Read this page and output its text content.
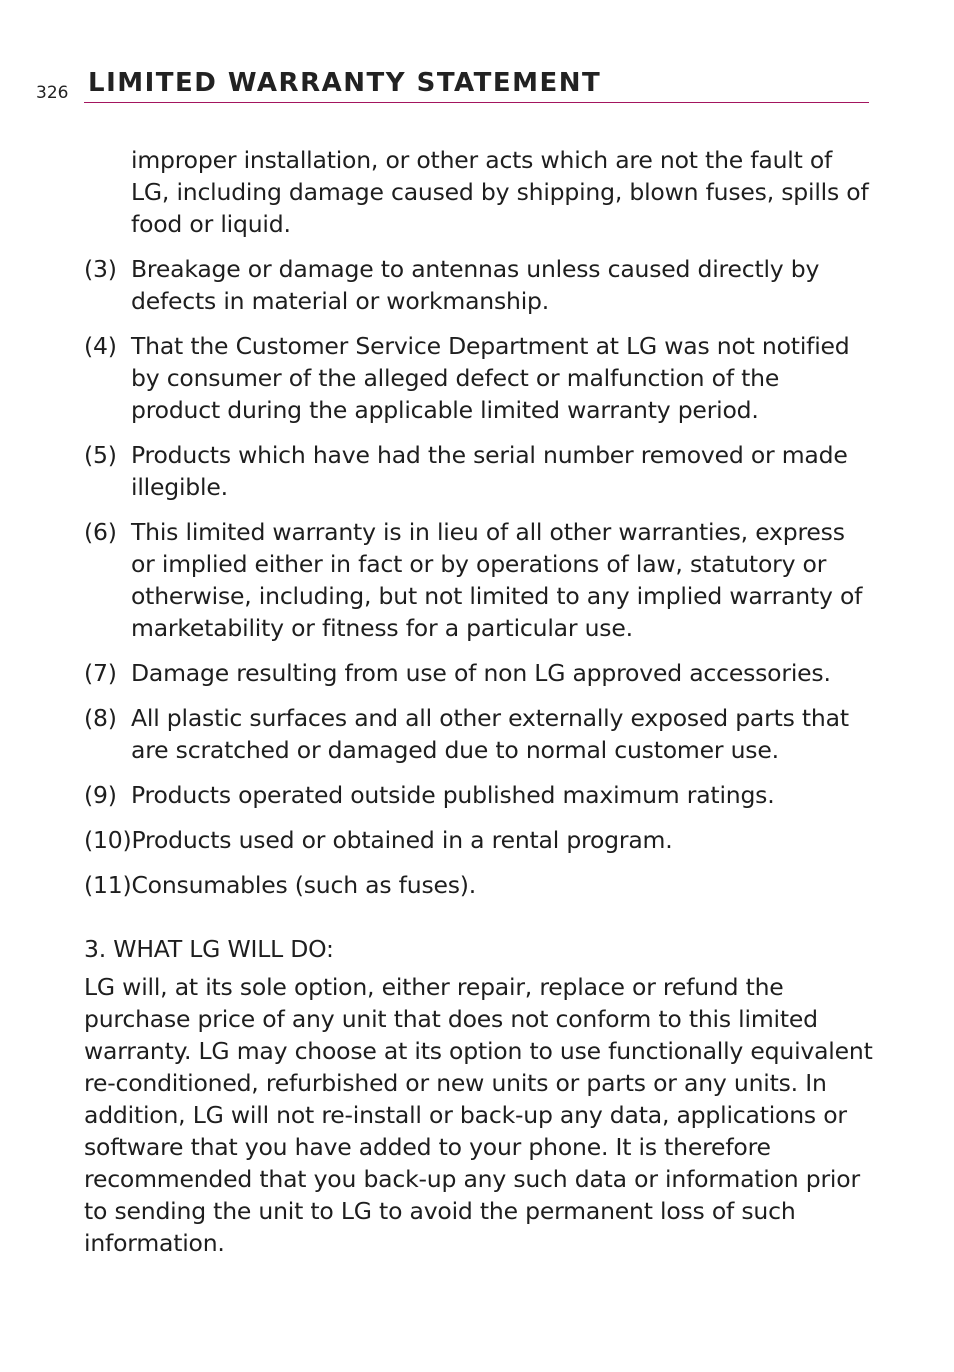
326 LIMITED WARRANTY STATEMENT

improper installation, or other acts which are not the fault of LG, including damage caused by shipping, blown fuses, spills of food or liquid.

(3) Breakage or damage to antennas unless caused directly by defects in material or workmanship.
(4) That the Customer Service Department at LG was not notified by consumer of the alleged defect or malfunction of the product during the applicable limited warranty period.
(5) Products which have had the serial number removed or made illegible.
(6) This limited warranty is in lieu of all other warranties, express or implied either in fact or by operations of law, statutory or otherwise, including, but not limited to any implied warranty of marketability or fitness for a particular use.
(7) Damage resulting from use of non LG approved accessories.
(8) All plastic surfaces and all other externally exposed parts that are scratched or damaged due to normal customer use.
(9) Products operated outside published maximum ratings.
(10) Products used or obtained in a rental program.
(11) Consumables (such as fuses).
3. WHAT LG WILL DO:

LG will, at its sole option, either repair, replace or refund the purchase price of any unit that does not conform to this limited warranty. LG may choose at its option to use functionally equivalent re-conditioned, refurbished or new units or parts or any units. In addition, LG will not re-install or back-up any data, applications or software that you have added to your phone. It is therefore recommended that you back-up any such data or information prior to sending the unit to LG to avoid the permanent loss of such information.
